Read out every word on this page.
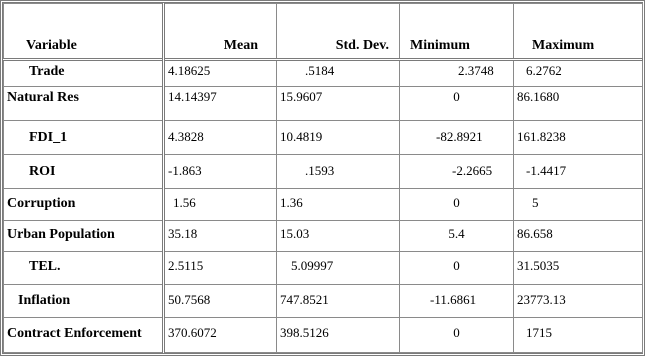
Variable	Mean	Std. Dev.	Minimum	Maximum
Trade	4.18625	.5184	2.3748	6.2762
Natural Res	14.14397	15.9607	0	86.1680
FDI_1	4.3828	10.4819	-82.8921	161.8238
ROI	-1.863	.1593	-2.2665	-1.4417
Corruption	1.56	1.36	0	5
Urban Population	35.18	15.03	5.4	86.658
TEL.	2.5115	5.09997	0	31.5035
Inflation	50.7568	747.8521	-11.6861	23773.13
Contract Enforcement	370.6072	398.5126	0	1715
